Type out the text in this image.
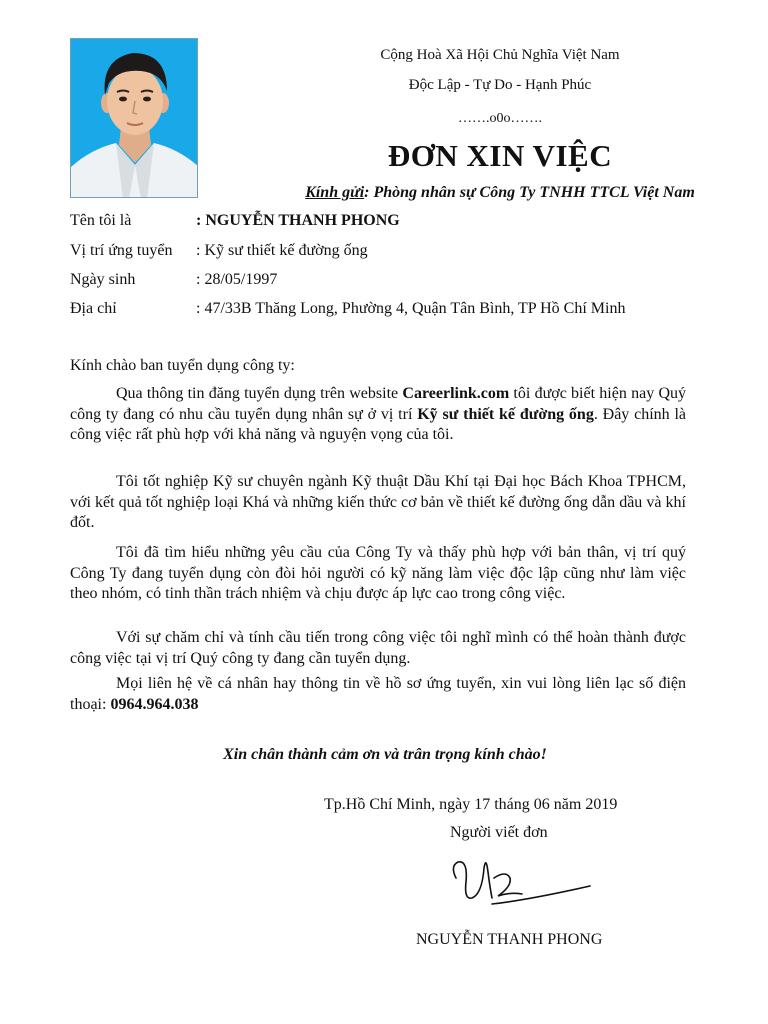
Cộng Hoà Xã Hội Chủ Nghĩa Việt Nam
Độc Lập - Tự Do - Hạnh Phúc
…….o0o…….
ĐƠN XIN VIỆC
Kính gửi: Phòng nhân sự Công Ty TNHH TTCL Việt Nam
Tên tôi là	: NGUYỄN THANH PHONG
Vị trí ứng tuyển : Kỹ sư thiết kế đường ống
Ngày sinh	: 28/05/1997
Địa chỉ	: 47/33B Thăng Long, Phường 4, Quận Tân Bình, TP Hồ Chí Minh
Kính chào ban tuyển dụng công ty:
Qua thông tin đăng tuyển dụng trên website Careerlink.com tôi được biết hiện nay Quý công ty đang có nhu cầu tuyển dụng nhân sự ở vị trí Kỹ sư thiết kế đường ống. Đây chính là công việc rất phù hợp với khả năng và nguyện vọng của tôi.
Tôi tốt nghiệp Kỹ sư chuyên ngành Kỹ thuật Dầu Khí tại Đại học Bách Khoa TPHCM, với kết quả tốt nghiệp loại Khá và những kiến thức cơ bản về thiết kế đường ống dẫn dầu và khí đốt.
Tôi đã tìm hiểu những yêu cầu của Công Ty và thấy phù hợp với bản thân, vị trí quý Công Ty đang tuyển dụng còn đòi hỏi người có kỹ năng làm việc độc lập cũng như làm việc theo nhóm, có tinh thần trách nhiệm và chịu được áp lực cao trong công việc.
Với sự chăm chỉ và tính cầu tiến trong công việc tôi nghĩ mình có thể hoàn thành được công việc tại vị trí Quý công ty đang cần tuyển dụng.
Mọi liên hệ về cá nhân hay thông tin về hồ sơ ứng tuyển, xin vui lòng liên lạc số điện thoại: 0964.964.038
Xin chân thành cảm ơn và trân trọng kính chào!
Tp.Hồ Chí Minh, ngày 17 tháng 06 năm 2019
Người viết đơn
NGUYỄN THANH PHONG
